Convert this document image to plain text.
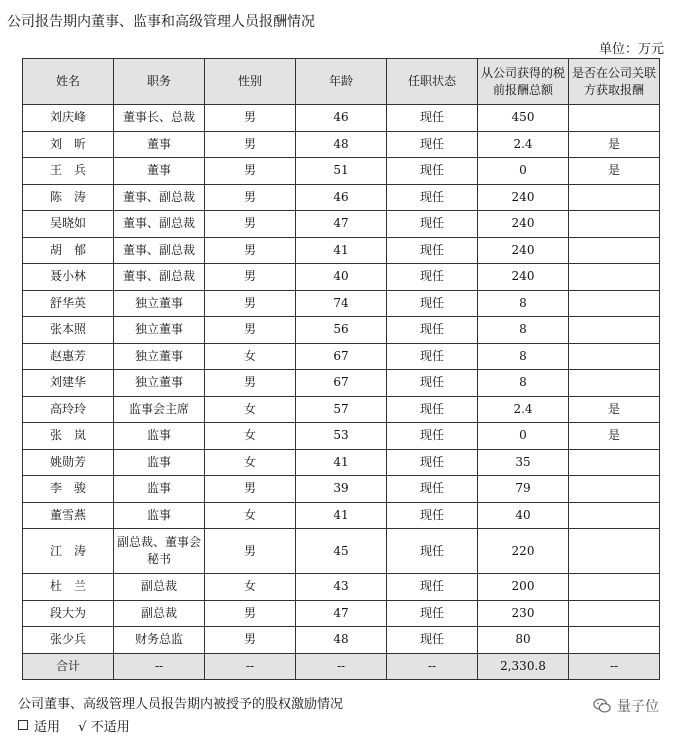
公司报告期内董事、监事和高级管理人员报酬情况
单位：万元
姓名	职务	性别	年龄	任职状态	从公司获得的税前报酬总额	是否在公司关联方获取报酬
刘庆峰	董事长、总裁	男	46	现任	450	
刘　昕	董事	男	48	现任	2.4	是
王　兵	董事	男	51	现任	0	是
陈　涛	董事、副总裁	男	46	现任	240	
吴晓如	董事、副总裁	男	47	现任	240	
胡　郁	董事、副总裁	男	41	现任	240	
聂小林	董事、副总裁	男	40	现任	240	
舒华英	独立董事	男	74	现任	8	
张本照	独立董事	男	56	现任	8	
赵惠芳	独立董事	女	67	现任	8	
刘建华	独立董事	男	67	现任	8	
高玲玲	监事会主席	女	57	现任	2.4	是
张　岚	监事	女	53	现任	0	是
姚勋芳	监事	女	41	现任	35	
李　骏	监事	男	39	现任	79	
董雪燕	监事	女	41	现任	40	
江　涛	副总裁、董事会秘书	男	45	现任	220	
杜　兰	副总裁	女	43	现任	200	
段大为	副总裁	男	47	现任	230	
张少兵	财务总监	男	48	现任	80	
合计	--	--	--	--	2,330.8	--
公司董事、高级管理人员报告期内被授予的股权激励情况
适用 √ 不适用
量子位
